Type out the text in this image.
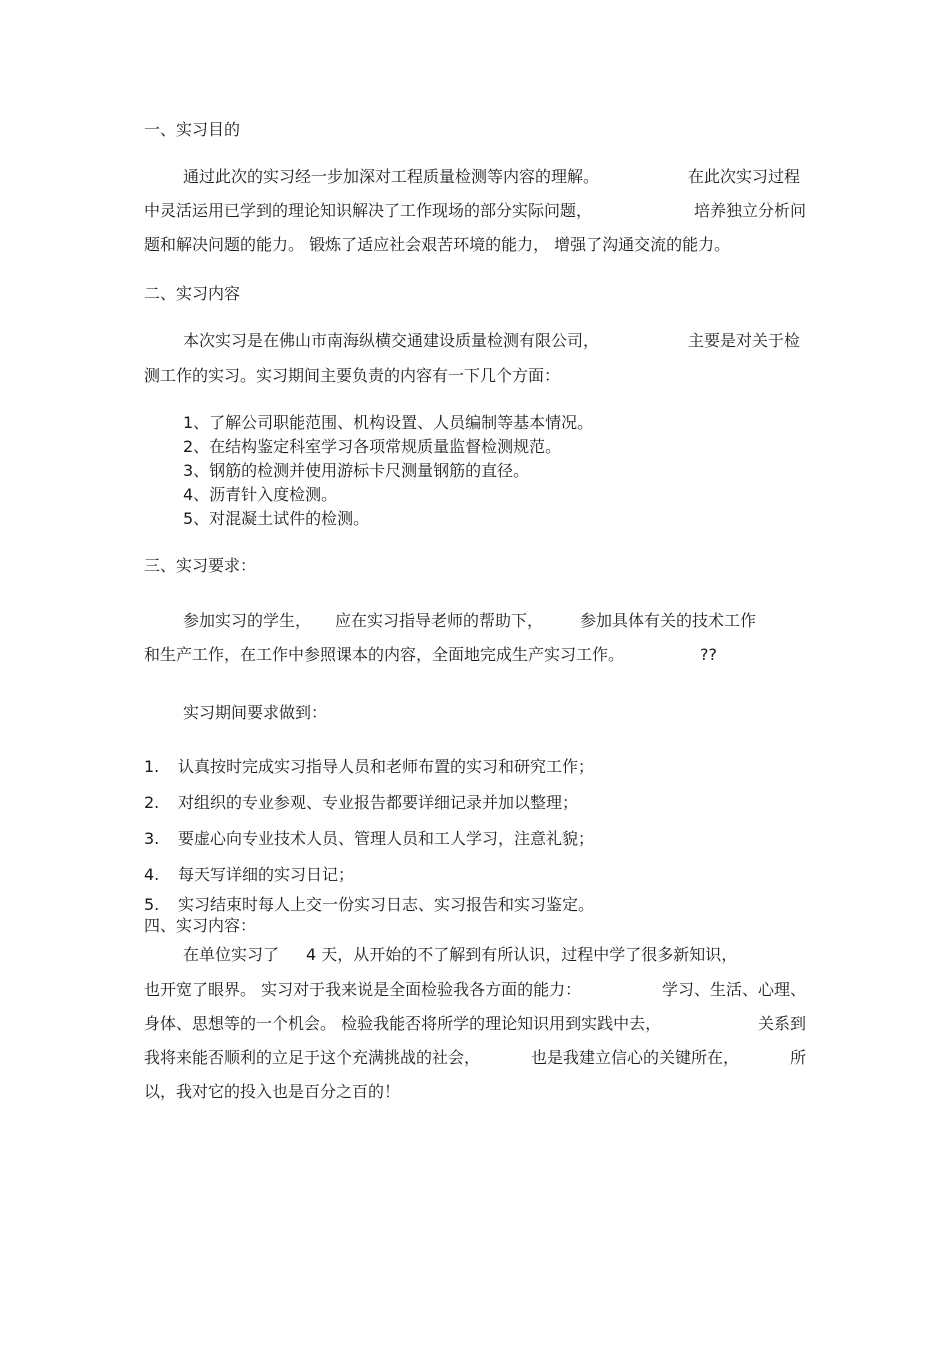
一、实习目的
通过此次的实习经一步加深对工程质量检测等内容的理解。	在此次实习过程
中灵活运用已学到的理论知识解决了工作现场的部分实际问题，	培养独立分析问
题和解决问题的能力。 锻炼了适应社会艰苦环境的能力， 增强了沟通交流的能力。
二、实习内容
本次实习是在佛山市南海纵横交通建设质量检测有限公司，	主要是对关于检
测工作的实习。实习期间主要负责的内容有一下几个方面：
1、了解公司职能范围、机构设置、人员编制等基本情况。
2、在结构鉴定科室学习各项常规质量监督检测规范。
3、钢筋的检测并使用游标卡尺测量钢筋的直径。
4、沥青针入度检测。
5、对混凝土试件的检测。
三、实习要求：
参加实习的学生， 应在实习指导老师的帮助下， 参加具体有关的技术工作
和生产工作，在工作中参照课本的内容，全面地完成生产实习工作。	??
实习期间要求做到：
1. 认真按时完成实习指导人员和老师布置的实习和研究工作；
2. 对组织的专业参观、专业报告都要详细记录并加以整理；
3. 要虚心向专业技术人员、管理人员和工人学习，注意礼貌；
4. 每天写详细的实习日记；
5. 实习结束时每人上交一份实习日志、实习报告和实习鉴定。
四、实习内容：
在单位实习了 4 天，从开始的不了解到有所认识，过程中学了很多新知识，
也开宽了眼界。 实习对于我来说是全面检验我各方面的能力：	学习、生活、心理、
身体、思想等的一个机会。 检验我能否将所学的理论知识用到实践中去，	关系到
我将来能否顺利的立足于这个充满挑战的社会，	也是我建立信心的关键所在，	所
以，我对它的投入也是百分之百的！
